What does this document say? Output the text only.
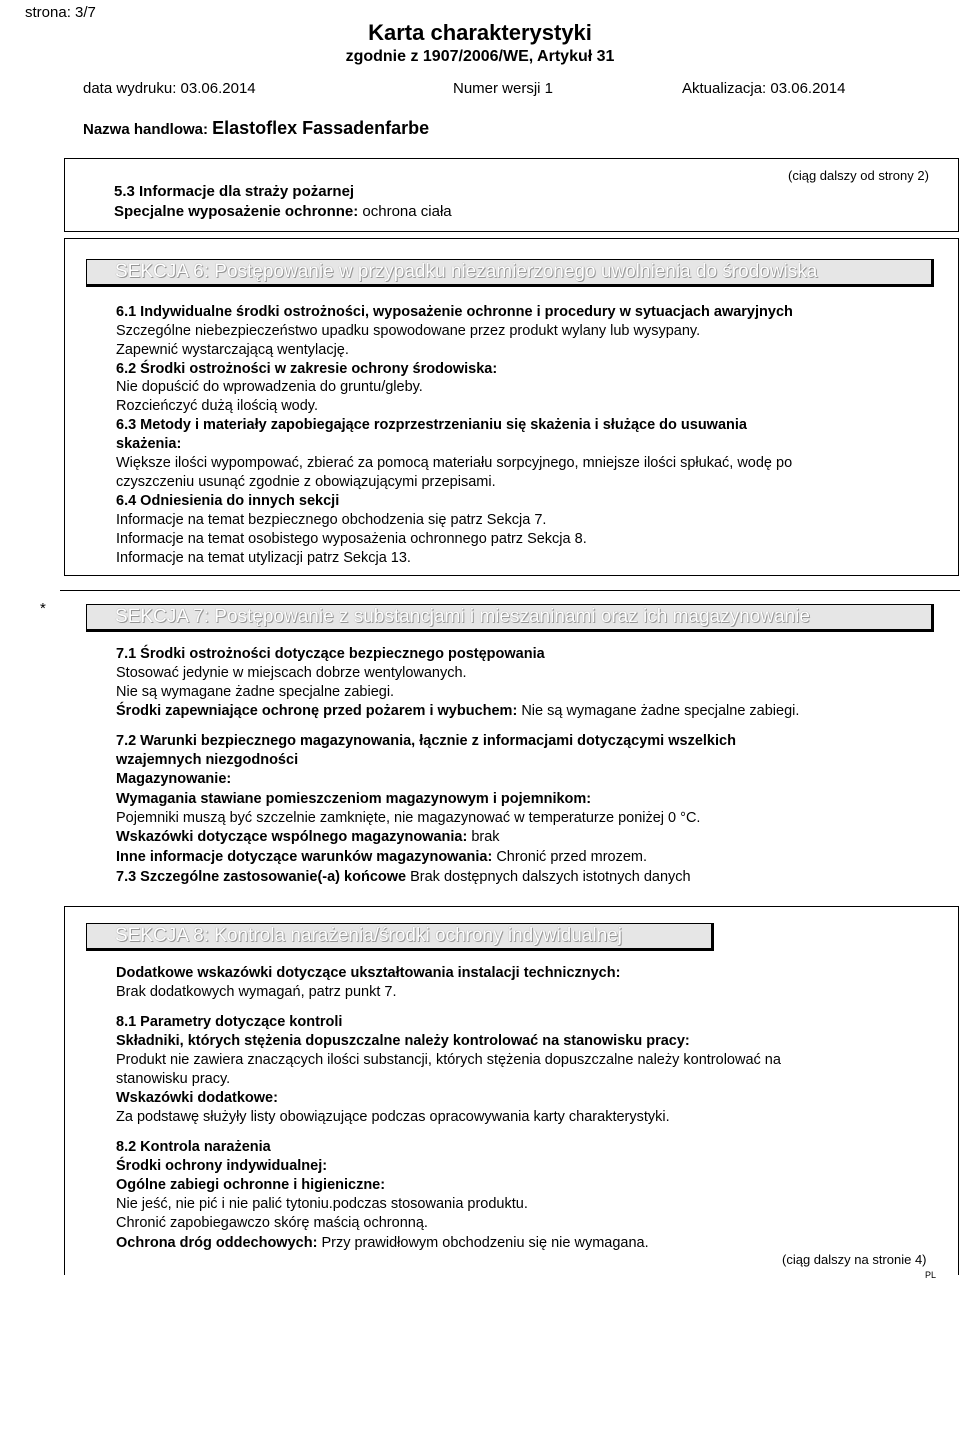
strona: 3/7
Karta charakterystyki
zgodnie z 1907/2006/WE, Artykuł 31
data wydruku: 03.06.2014	Numer wersji 1	Aktualizacja: 03.06.2014
Nazwa handlowa: Elastoflex Fassadenfarbe
(ciąg dalszy od strony 2)
5.3 Informacje dla straży pożarnej
Specjalne wyposażenie ochronne: ochrona ciała
SEKCJA 6: Postępowanie w przypadku niezamierzonego uwolnienia do środowiska
6.1 Indywidualne środki ostrożności, wyposażenie ochronne i procedury w sytuacjach awaryjnych
Szczególne niebezpieczeństwo upadku spowodowane przez produkt wylany lub wysypany.
Zapewnić wystarczającą wentylację.
6.2 Środki ostrożności w zakresie ochrony środowiska:
Nie dopuścić do wprowadzenia do gruntu/gleby.
Rozcieńczyć dużą ilością wody.
6.3 Metody i materiały zapobiegające rozprzestrzenianiu się skażenia i służące do usuwania
skażenia:
Większe ilości wypompować, zbierać za pomocą materiału sorpcyjnego, mniejsze ilości spłukać, wodę po
czyszczeniu usunąć zgodnie z obowiązującymi przepisami.
6.4 Odniesienia do innych sekcji
Informacje na temat bezpiecznego obchodzenia się patrz Sekcja 7.
Informacje na temat osobistego wyposażenia ochronnego patrz Sekcja 8.
Informacje na temat utylizacji patrz Sekcja 13.
*	SEKCJA 7: Postępowanie z substancjami i mieszaninami oraz ich magazynowanie
7.1 Środki ostrożności dotyczące bezpiecznego postępowania
Stosować jedynie w miejscach dobrze wentylowanych.
Nie są wymagane żadne specjalne zabiegi.
Środki zapewniające ochronę przed pożarem i wybuchem: Nie są wymagane żadne specjalne zabiegi.
7.2 Warunki bezpiecznego magazynowania, łącznie z informacjami dotyczącymi wszelkich
wzajemnych niezgodności
Magazynowanie:
Wymagania stawiane pomieszczeniom magazynowym i pojemnikom:
Pojemniki muszą być szczelnie zamknięte, nie magazynować w temperaturze poniżej 0 °C.
Wskazówki dotyczące wspólnego magazynowania: brak
Inne informacje dotyczące warunków magazynowania: Chronić przed mrozem.
7.3 Szczególne zastosowanie(-a) końcowe Brak dostępnych dalszych istotnych danych
SEKCJA 8: Kontrola narażenia/środki ochrony indywidualnej
Dodatkowe wskazówki dotyczące ukształtowania instalacji technicznych:
Brak dodatkowych wymagań, patrz punkt 7.
8.1 Parametry dotyczące kontroli
Składniki, których stężenia dopuszczalne należy kontrolować na stanowisku pracy:
Produkt nie zawiera znaczących ilości substancji, których stężenia dopuszczalne należy kontrolować na
stanowisku pracy.
Wskazówki dodatkowe:
Za podstawę służyły listy obowiązujące podczas opracowywania karty charakterystyki.
8.2 Kontrola narażenia
Środki ochrony indywidualnej:
Ogólne zabiegi ochronne i higieniczne:
Nie jeść, nie pić i nie palić tytoniu.podczas stosowania produktu.
Chronić zapobiegawczo skórę maścią ochronną.
Ochrona dróg oddechowych: Przy prawidłowym obchodzeniu się nie wymagana.
(ciąg dalszy na stronie 4)
PL
